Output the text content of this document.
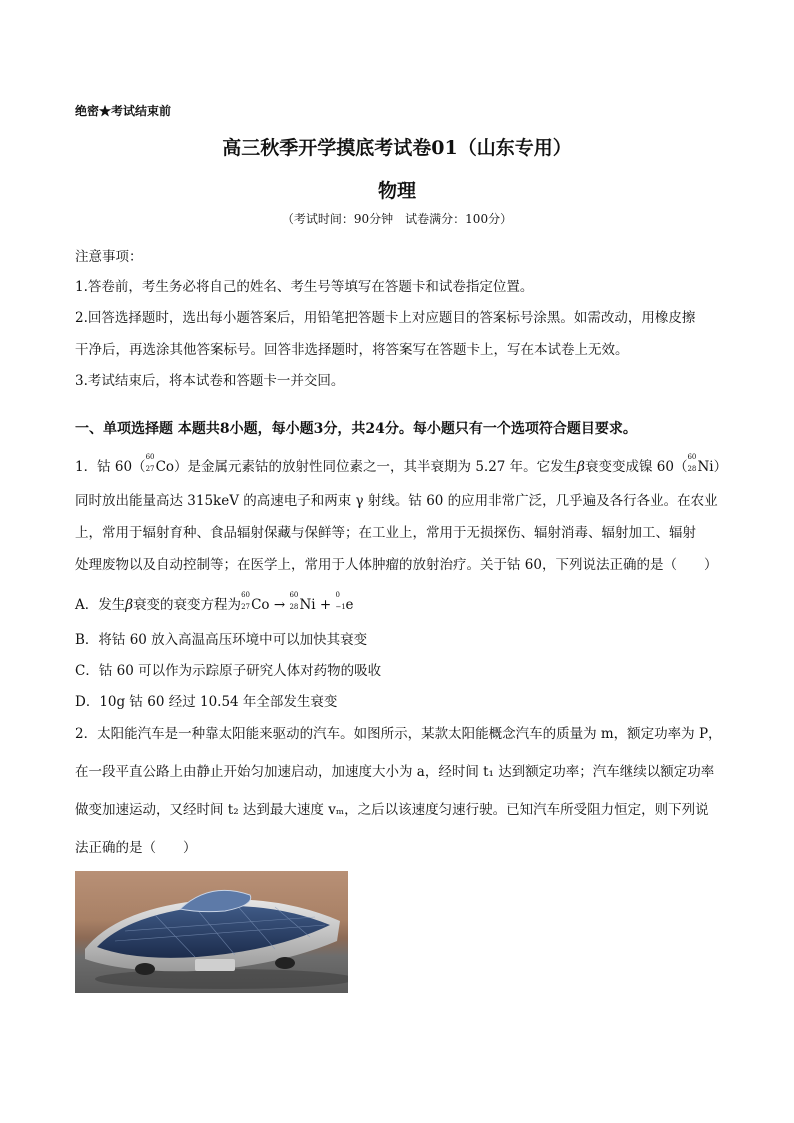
绝密★考试结束前
高三秋季开学摸底考试卷01（山东专用）
物理
（考试时间：90分钟　试卷满分：100分）
注意事项：
1.答卷前，考生务必将自己的姓名、考生号等填写在答题卡和试卷指定位置。
2.回答选择题时，选出每小题答案后，用铅笔把答题卡上对应题目的答案标号涂黑。如需改动，用橡皮擦
干净后，再选涂其他答案标号。回答非选择题时，将答案写在答题卡上，写在本试卷上无效。
3.考试结束后，将本试卷和答题卡一并交回。
一、单项选择题 本题共8小题，每小题3分，共24分。每小题只有一个选项符合题目要求。
1．钴 60（
60
27 Co）是金属元素钴的放射性同位素之一，其半衰期为 5.27 年。它发生β衰变变成镍 60（
60
28 Ni）
同时放出能量高达 315keV 的高速电子和两束 γ 射线。钴 60 的应用非常广泛，几乎遍及各行各业。在农业
上，常用于辐射育种、食品辐射保藏与保鲜等；在工业上，常用于无损探伤、辐射消毒、辐射加工、辐射
处理废物以及自动控制等；在医学上，常用于人体肿瘤的放射治疗。关于钴 60，下列说法正确的是（　　）
A．发生β衰变的衰变方程为
60
27 Co →
60
28 Ni +
0
−1 e
B．将钴 60 放入高温高压环境中可以加快其衰变
C．钴 60 可以作为示踪原子研究人体对药物的吸收
D．10g 钴 60 经过 10.54 年全部发生衰变
2．太阳能汽车是一种靠太阳能来驱动的汽车。如图所示，某款太阳能概念汽车的质量为 m，额定功率为 P，
在一段平直公路上由静止开始匀加速启动，加速度大小为 a，经时间 t₁ 达到额定功率；汽车继续以额定功率
做变加速运动，又经时间 t₂ 达到最大速度 vₘ，之后以该速度匀速行驶。已知汽车所受阻力恒定，则下列说
法正确的是（　　）
